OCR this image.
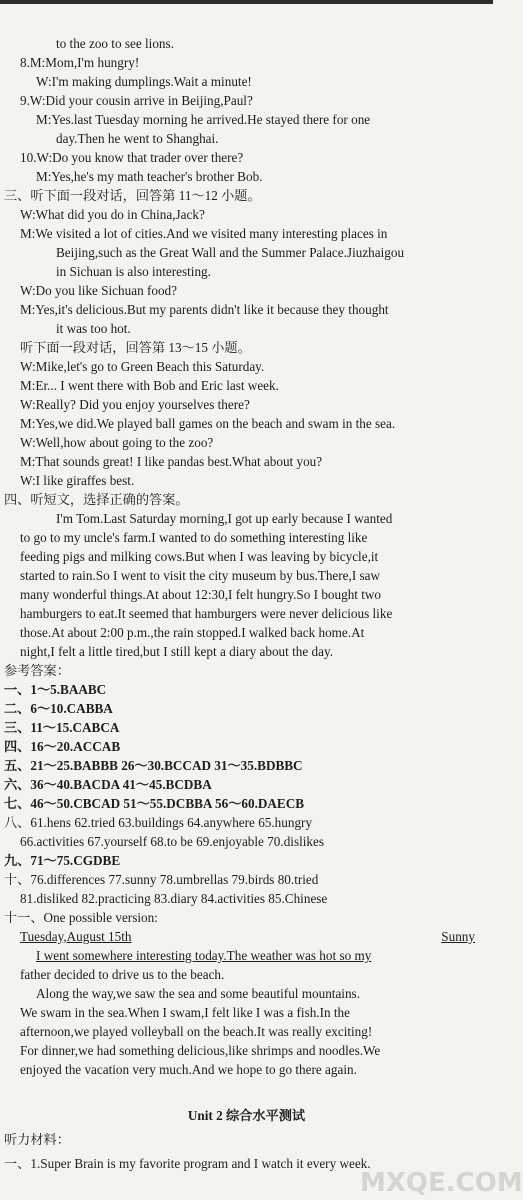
to the zoo to see lions.
8.M:Mom,I'm hungry!
W:I'm making dumplings.Wait a minute!
9.W:Did your cousin arrive in Beijing,Paul?
M:Yes.last Tuesday morning he arrived.He stayed there for one
day.Then he went to Shanghai.
10.W:Do you know that trader over there?
M:Yes,he's my math teacher's brother Bob.
三、听下面一段对话，回答第 11～12 小题。
W:What did you do in China,Jack?
M:We visited a lot of cities.And we visited many interesting places in
Beijing,such as the Great Wall and the Summer Palace.Jiuzhaigou
in Sichuan is also interesting.
W:Do you like Sichuan food?
M:Yes,it's delicious.But my parents didn't like it because they thought
it was too hot.
听下面一段对话，回答第 13～15 小题。
W:Mike,let's go to Green Beach this Saturday.
M:Er... I went there with Bob and Eric last week.
W:Really? Did you enjoy yourselves there?
M:Yes,we did.We played ball games on the beach and swam in the sea.
W:Well,how about going to the zoo?
M:That sounds great! I like pandas best.What about you?
W:I like giraffes best.
四、听短文，选择正确的答案。
I'm Tom.Last Saturday morning,I got up early because I wanted
to go to my uncle's farm.I wanted to do something interesting like
feeding pigs and milking cows.But when I was leaving by bicycle,it
started to rain.So I went to visit the city museum by bus.There,I saw
many wonderful things.At about 12:30,I felt hungry.So I bought two
hamburgers to eat.It seemed that hamburgers were never delicious like
those.At about 2:00 p.m.,the rain stopped.I walked back home.At
night,I felt a little tired,but I still kept a diary about the day.
参考答案：
一、1～5.BAABC
二、6～10.CABBA
三、11～15.CABCA
四、16～20.ACCAB
五、21～25.BABBB 26～30.BCCAD 31～35.BDBBC
六、36～40.BACDA 41～45.BCDBA
七、46～50.CBCAD 51～55.DCBBA 56～60.DAECB
八、61.hens 62.tried 63.buildings 64.anywhere 65.hungry
66.activities 67.yourself 68.to be 69.enjoyable 70.dislikes
九、71～75.CGDBE
十、76.differences 77.sunny 78.umbrellas 79.birds 80.tried
81.disliked 82.practicing 83.diary 84.activities 85.Chinese
十一、One possible version:
Tuesday,August 15th	Sunny
I went somewhere interesting today.The weather was hot so my
father decided to drive us to the beach.
Along the way,we saw the sea and some beautiful mountains.
We swam in the sea.When I swam,I felt like I was a fish.In the
afternoon,we played volleyball on the beach.It was really exciting!
For dinner,we had something delicious,like shrimps and noodles.We
enjoyed the vacation very much.And we hope to go there again.
Unit 2 综合水平测试
听力材料：
一、1.Super Brain is my favorite program and I watch it every week.
MXQE.COM
